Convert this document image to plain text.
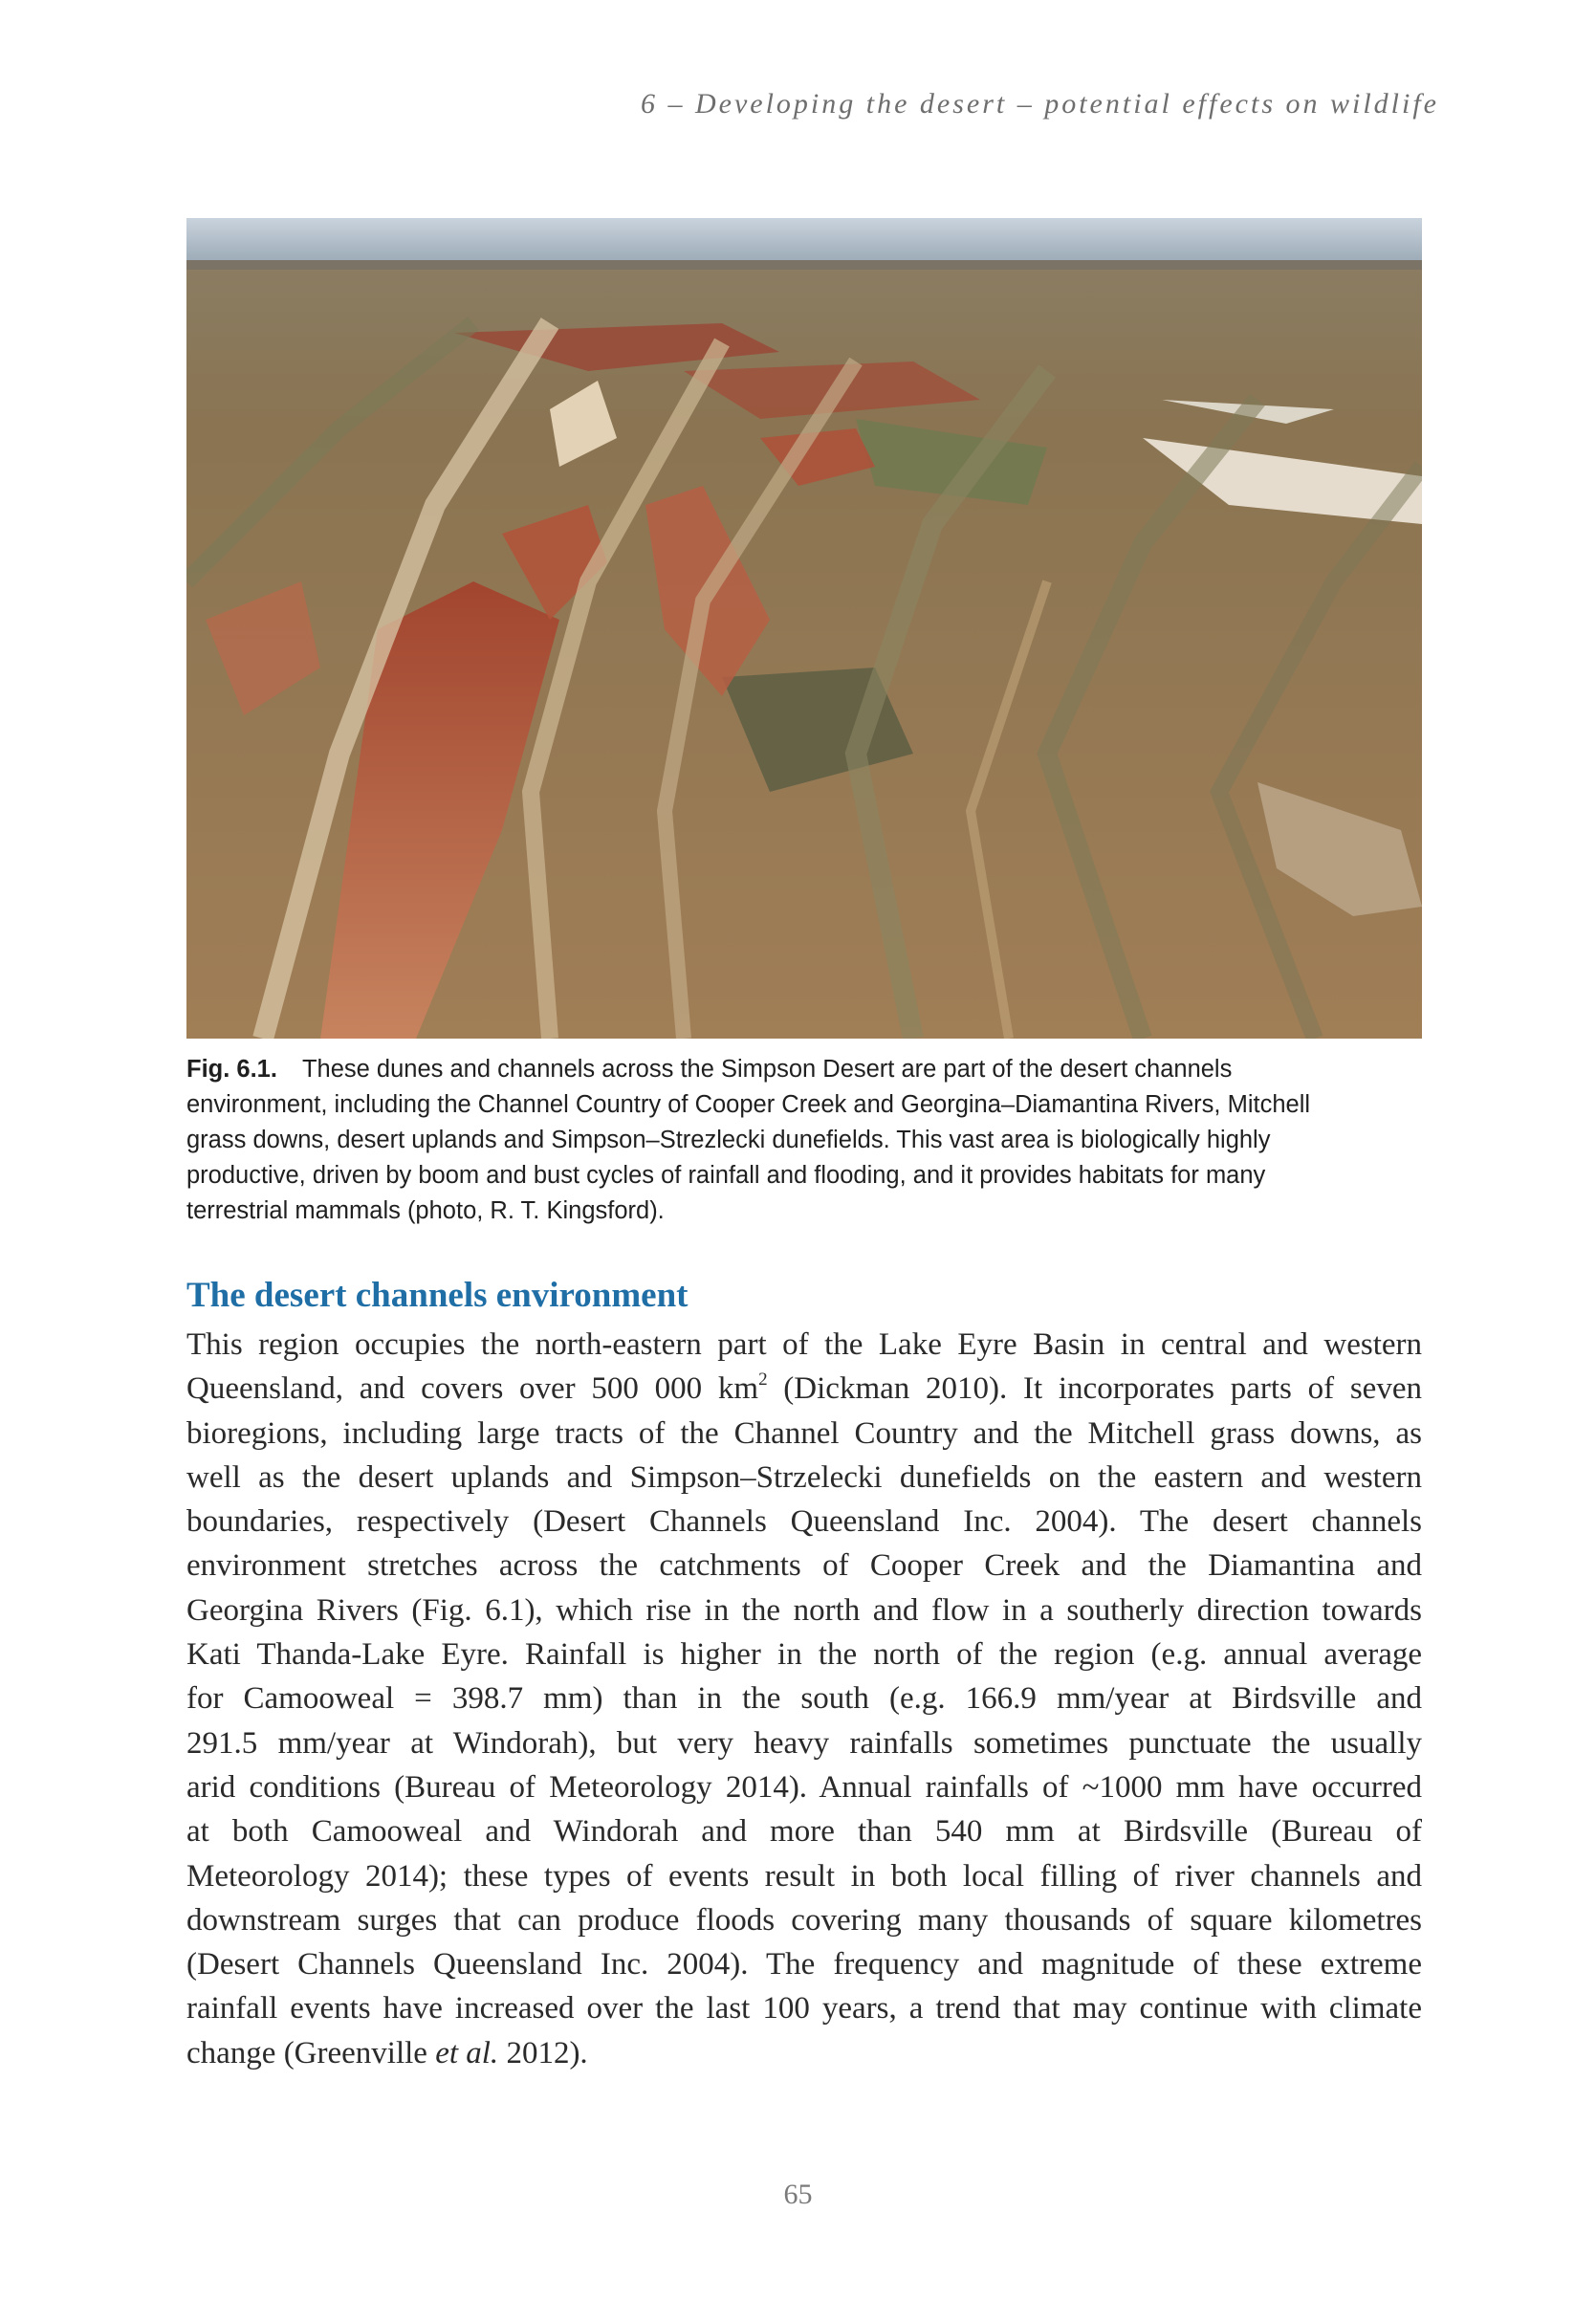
6 – Developing the desert – potential effects on wildlife
Fig. 6.1. These dunes and channels across the Simpson Desert are part of the desert channels
environment, including the Channel Country of Cooper Creek and Georgina–Diamantina Rivers, Mitchell
grass downs, desert uplands and Simpson–Strezlecki dunefields. This vast area is biologically highly
productive, driven by boom and bust cycles of rainfall and flooding, and it provides habitats for many
terrestrial mammals (photo, R. T. Kingsford).
The desert channels environment
This region occupies the north-eastern part of the Lake Eyre Basin in central and western
Queensland, and covers over 500 000 $km^2$ (Dickman 2010). It incorporates parts of seven
bioregions, including large tracts of the Channel Country and the Mitchell grass downs, as
well as the desert uplands and Simpson–Strzelecki dunefields on the eastern and western
boundaries, respectively (Desert Channels Queensland Inc. 2004). The desert channels
environment stretches across the catchments of Cooper Creek and the Diamantina and
Georgina Rivers (Fig. 6.1), which rise in the north and flow in a southerly direction towards
Kati Thanda-Lake Eyre. Rainfall is higher in the north of the region (e.g. annual average
for Camooweal = 398.7 mm) than in the south (e.g. 166.9 mm/year at Birdsville and
291.5 mm/year at Windorah), but very heavy rainfalls sometimes punctuate the usually
arid conditions (Bureau of Meteorology 2014). Annual rainfalls of ~1000 mm have occurred
at both Camooweal and Windorah and more than 540 mm at Birdsville (Bureau of
Meteorology 2014); these types of events result in both local filling of river channels and
downstream surges that can produce floods covering many thousands of square kilometres
(Desert Channels Queensland Inc. 2004). The frequency and magnitude of these extreme
rainfall events have increased over the last 100 years, a trend that may continue with climate
change (Greenville et al. 2012).
65
